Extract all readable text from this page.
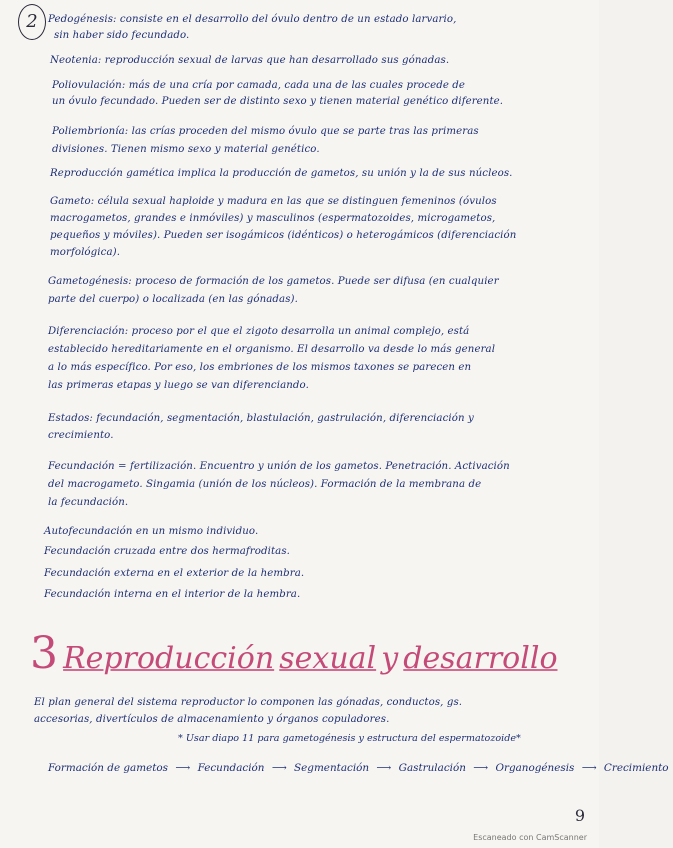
2	Pedogénesis: consiste en el desarrollo del óvulo dentro de un estado larvario,
sin haber sido fecundado.
Neotenia: reproducción sexual de larvas que han desarrollado sus gónadas.
Poliovulación: más de una cría por camada, cada una de las cuales procede de
un óvulo fecundado. Pueden ser de distinto sexo y tienen material genético diferente.
Poliembrionía: las crías proceden del mismo óvulo que se parte tras las primeras
divisiones. Tienen mismo sexo y material genético.
Reproducción gamética implica la producción de gametos, su unión y la de sus núcleos.
Gameto: célula sexual haploide y madura en las que se distinguen femeninos (óvulos
macrogametos, grandes e inmóviles) y masculinos (espermatozoides, microgametos,
pequeños y móviles). Pueden ser isogámicos (idénticos) o heterogámicos (diferenciación
morfológica).
Gametogénesis: proceso de formación de los gametos. Puede ser difusa (en cualquier
parte del cuerpo) o localizada (en las gónadas).
Diferenciación: proceso por el que el zigoto desarrolla un animal complejo, está
establecido hereditariamente en el organismo. El desarrollo va desde lo más general
a lo más específico. Por eso, los embriones de los mismos taxones se parecen en
las primeras etapas y luego se van diferenciando.
Estados: fecundación, segmentación, blastulación, gastrulación, diferenciación y
crecimiento.
Fecundación = fertilización. Encuentro y unión de los gametos. Penetración. Activación
del macrogameto. Singamia (unión de los núcleos). Formación de la membrana de
la fecundación.
Autofecundación en un mismo individuo.
Fecundación cruzada entre dos hermafroditas.
Fecundación externa en el exterior de la hembra.
Fecundación interna en el interior de la hembra.
3 Reproducción sexual y desarrollo
El plan general del sistema reproductor lo componen las gónadas, conductos, gs.
accesorias, divertículos de almacenamiento y órganos copuladores.
* Usar diapo 11 para gametogénesis y estructura del espermatozoide*
Formación de gametos ⟶ Fecundación ⟶ Segmentación ⟶ Gastrulación ⟶ Organogénesis ⟶ Crecimiento
9
Escaneado con CamScanner
